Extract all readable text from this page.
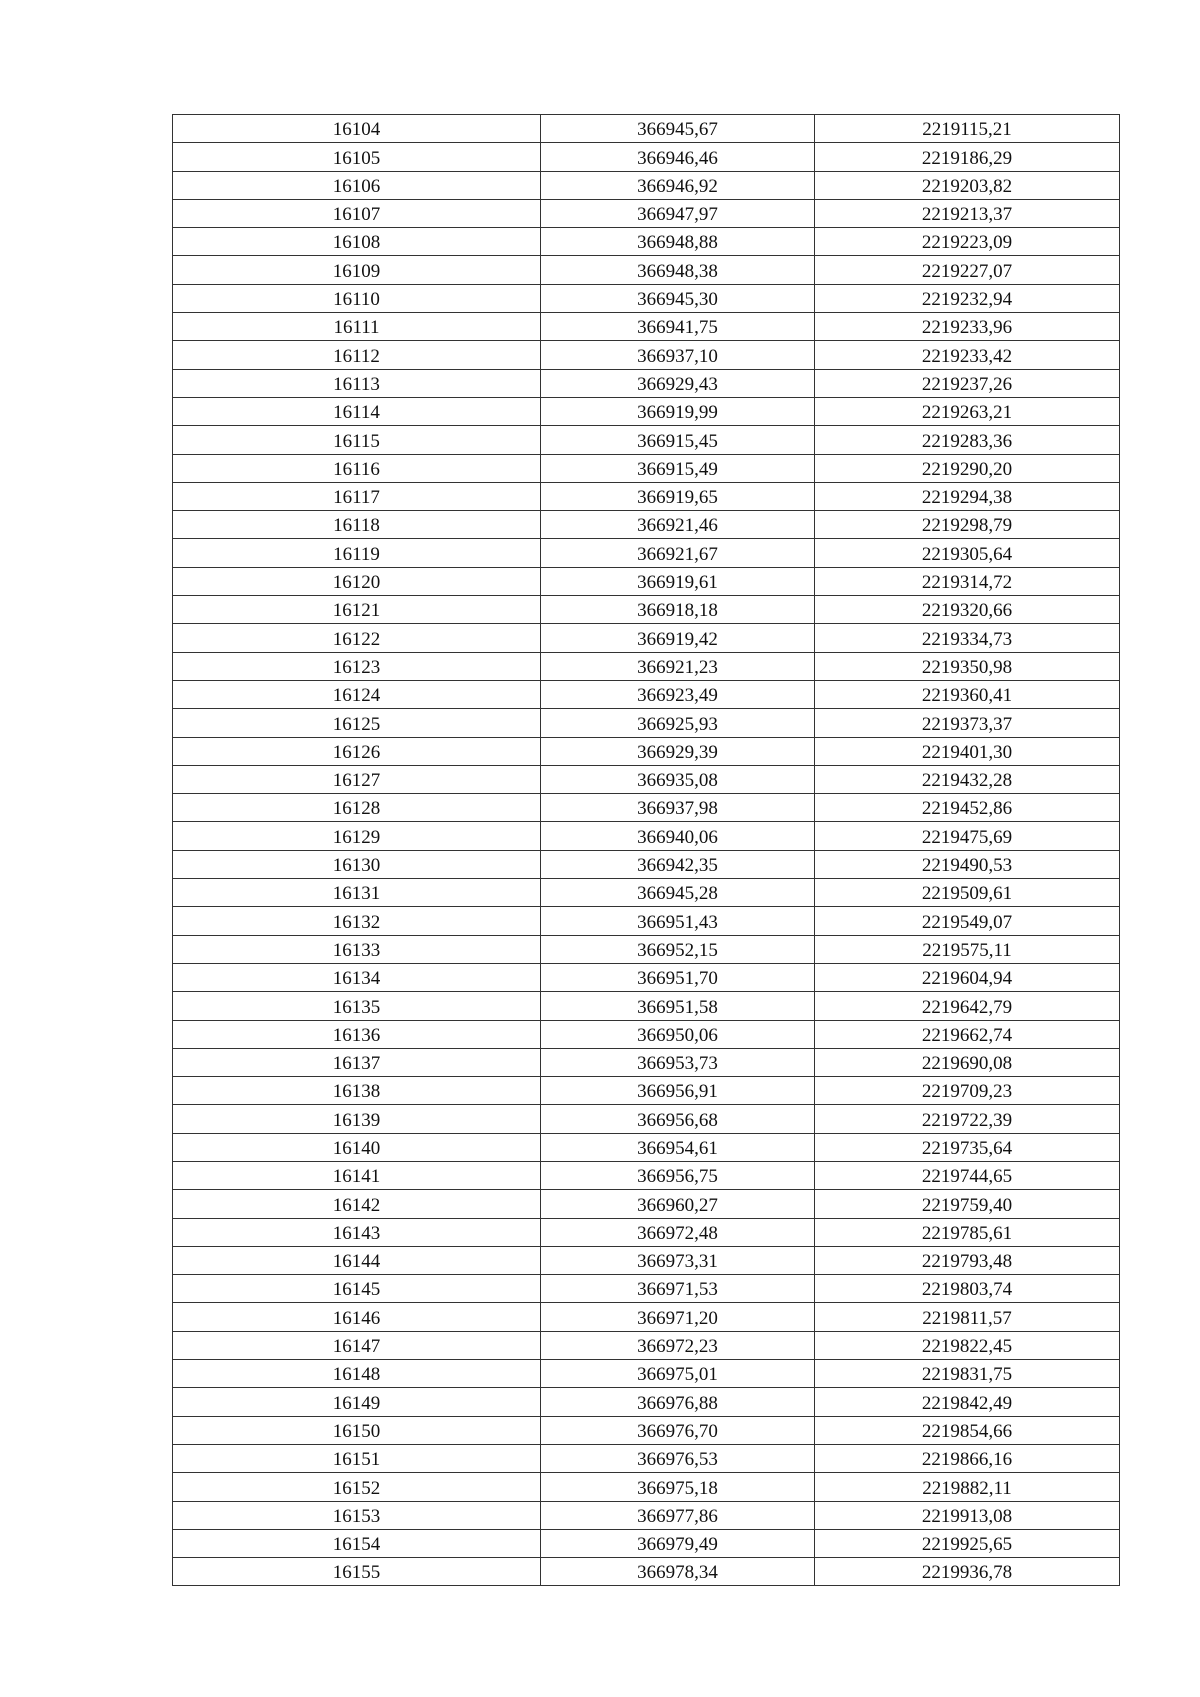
16104	366945,67	2219115,21
16105	366946,46	2219186,29
16106	366946,92	2219203,82
16107	366947,97	2219213,37
16108	366948,88	2219223,09
16109	366948,38	2219227,07
16110	366945,30	2219232,94
16111	366941,75	2219233,96
16112	366937,10	2219233,42
16113	366929,43	2219237,26
16114	366919,99	2219263,21
16115	366915,45	2219283,36
16116	366915,49	2219290,20
16117	366919,65	2219294,38
16118	366921,46	2219298,79
16119	366921,67	2219305,64
16120	366919,61	2219314,72
16121	366918,18	2219320,66
16122	366919,42	2219334,73
16123	366921,23	2219350,98
16124	366923,49	2219360,41
16125	366925,93	2219373,37
16126	366929,39	2219401,30
16127	366935,08	2219432,28
16128	366937,98	2219452,86
16129	366940,06	2219475,69
16130	366942,35	2219490,53
16131	366945,28	2219509,61
16132	366951,43	2219549,07
16133	366952,15	2219575,11
16134	366951,70	2219604,94
16135	366951,58	2219642,79
16136	366950,06	2219662,74
16137	366953,73	2219690,08
16138	366956,91	2219709,23
16139	366956,68	2219722,39
16140	366954,61	2219735,64
16141	366956,75	2219744,65
16142	366960,27	2219759,40
16143	366972,48	2219785,61
16144	366973,31	2219793,48
16145	366971,53	2219803,74
16146	366971,20	2219811,57
16147	366972,23	2219822,45
16148	366975,01	2219831,75
16149	366976,88	2219842,49
16150	366976,70	2219854,66
16151	366976,53	2219866,16
16152	366975,18	2219882,11
16153	366977,86	2219913,08
16154	366979,49	2219925,65
16155	366978,34	2219936,78
